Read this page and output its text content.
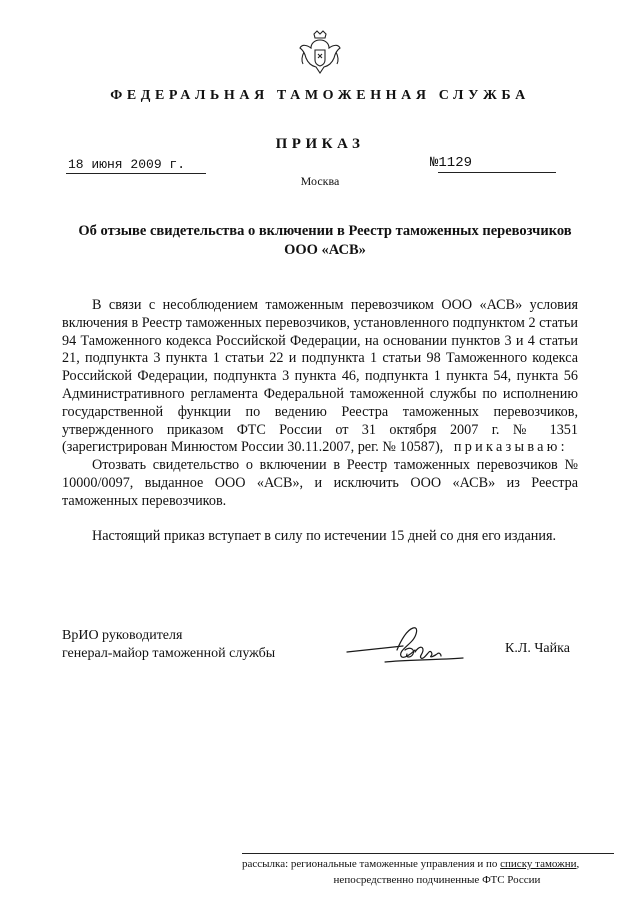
ФЕДЕРАЛЬНАЯ ТАМОЖЕННАЯ СЛУЖБА
ПРИКАЗ
18 июня 2009 г.	№1129
Москва
Об отзыве свидетельства о включении в Реестр таможенных перевозчиков
ООО «АСВ»

В связи с несоблюдением таможенным перевозчиком ООО «АСВ» условия включения в Реестр таможенных перевозчиков, установленного подпунктом 2 статьи 94 Таможенного кодекса Российской Федерации, на основании пунктов 3 и 4 статьи 21, подпункта 3 пункта 1 статьи 22 и подпункта 1 статьи 98 Таможенного кодекса Российской Федерации, подпункта 3 пункта 46, подпункта 1 пункта 54, пункта 56 Административного регламента Федеральной таможенной службы по исполнению государственной функции по ведению Реестра таможенных перевозчиков, утвержденного приказом ФТС России от 31 октября 2007 г. № 1351 (зарегистрирован Минюстом России 30.11.2007, рег. № 10587), приказываю:

Отозвать свидетельство о включении в Реестр таможенных перевозчиков № 10000/0097, выданное ООО «АСВ», и исключить ООО «АСВ» из Реестра таможенных перевозчиков.

Настоящий приказ вступает в силу по истечении 15 дней со дня его издания.

ВрИО руководителя
генерал-майор таможенной службы	К.Л. Чайка
рассылка: региональные таможенные управления и по списку таможни,
непосредственно подчиненные ФТС России
